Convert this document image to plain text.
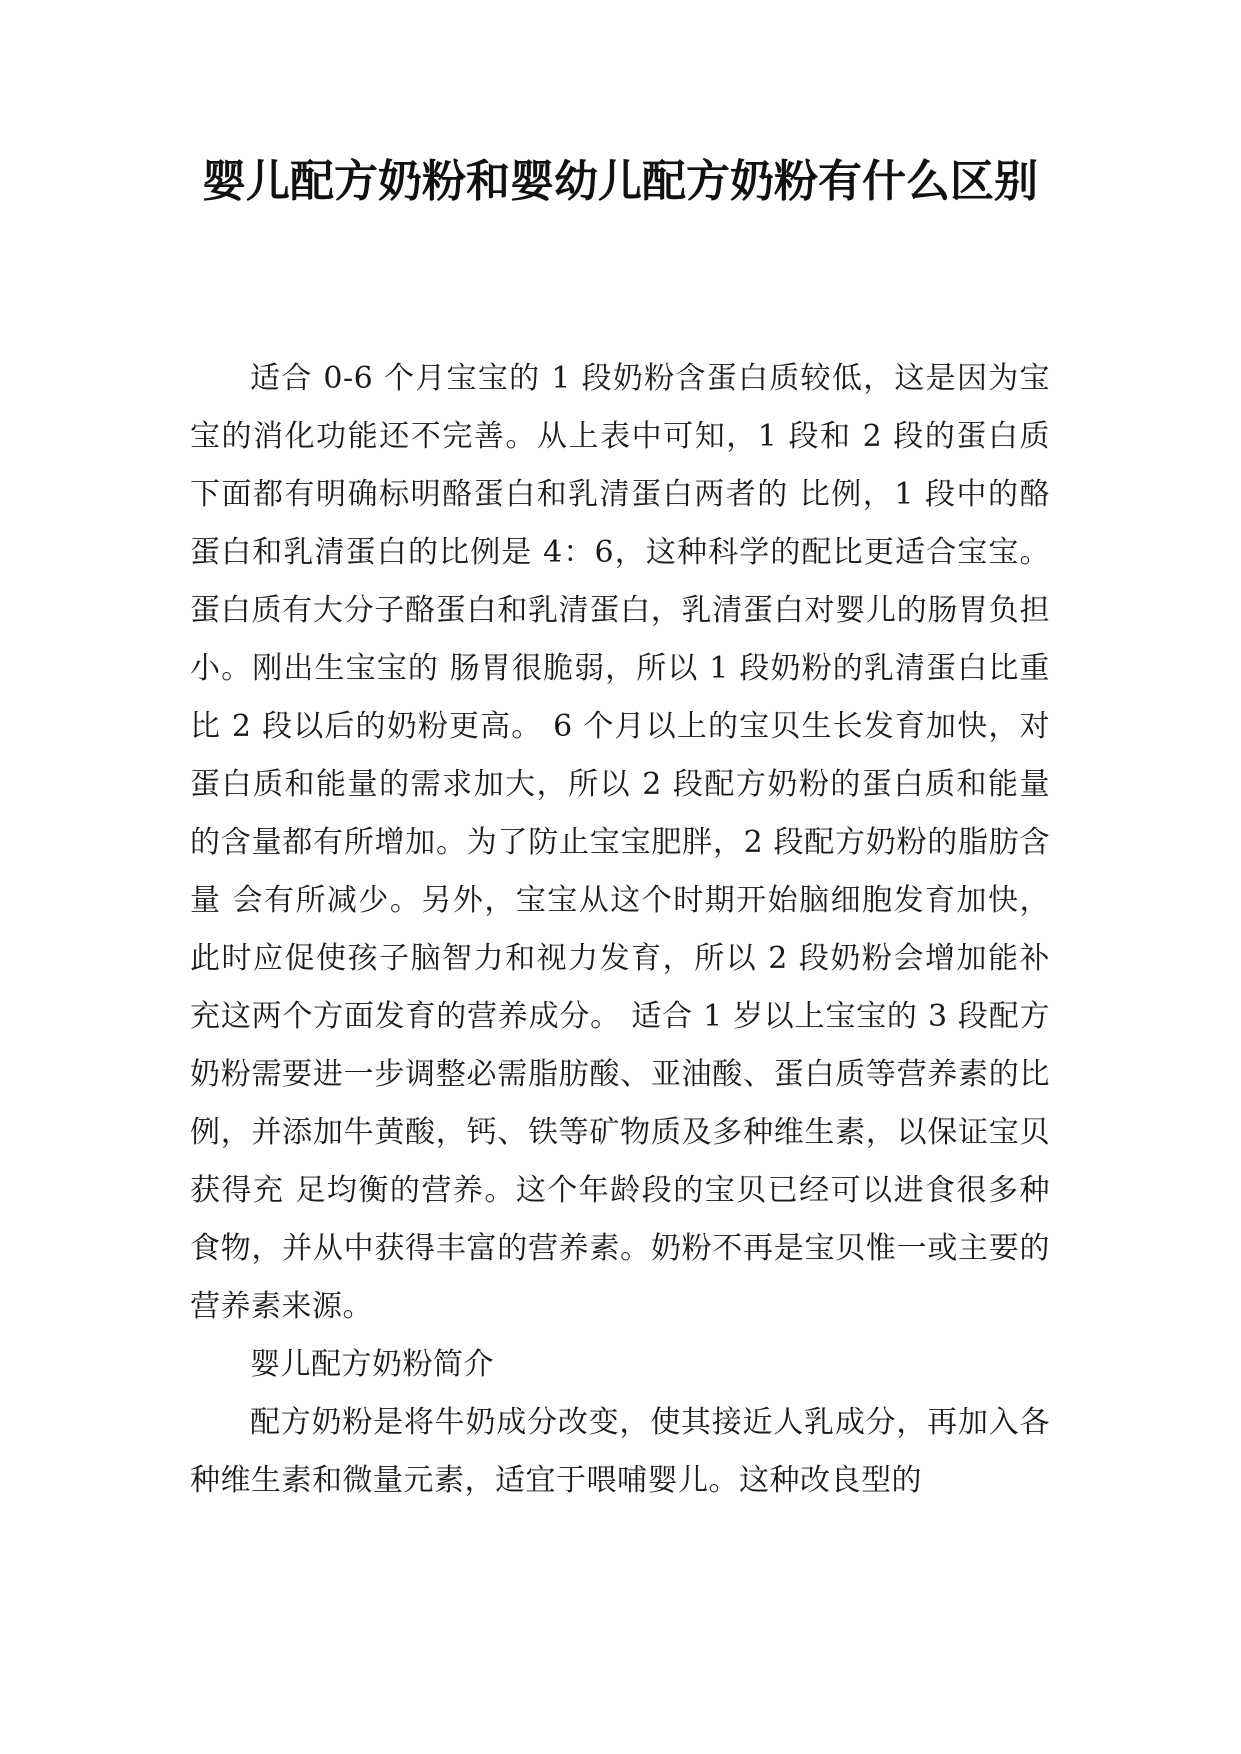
婴儿配方奶粉和婴幼儿配方奶粉有什么区别

适合 0-6 个月宝宝的 1 段奶粉含蛋白质较低，这是因为宝宝的消化功能还不完善。从上表中可知，1 段和 2 段的蛋白质下面都有明确标明酪蛋白和乳清蛋白两者的 比例，1 段中的酪蛋白和乳清蛋白的比例是 4：6，这种科学的配比更适合宝宝。蛋白质有大分子酪蛋白和乳清蛋白，乳清蛋白对婴儿的肠胃负担小。刚出生宝宝的 肠胃很脆弱，所以 1 段奶粉的乳清蛋白比重比 2 段以后的奶粉更高。 6 个月以上的宝贝生长发育加快，对蛋白质和能量的需求加大，所以 2 段配方奶粉的蛋白质和能量的含量都有所增加。为了防止宝宝肥胖，2 段配方奶粉的脂肪含量 会有所减少。另外，宝宝从这个时期开始脑细胞发育加快，此时应促使孩子脑智力和视力发育，所以 2 段奶粉会增加能补充这两个方面发育的营养成分。 适合 1 岁以上宝宝的 3 段配方奶粉需要进一步调整必需脂肪酸、亚油酸、蛋白质等营养素的比例，并添加牛黄酸，钙、铁等矿物质及多种维生素，以保证宝贝获得充 足均衡的营养。这个年龄段的宝贝已经可以进食很多种食物，并从中获得丰富的营养素。奶粉不再是宝贝惟一或主要的营养素来源。

婴儿配方奶粉简介

配方奶粉是将牛奶成分改变，使其接近人乳成分，再加入各种维生素和微量元素，适宜于喂哺婴儿。这种改良型的
